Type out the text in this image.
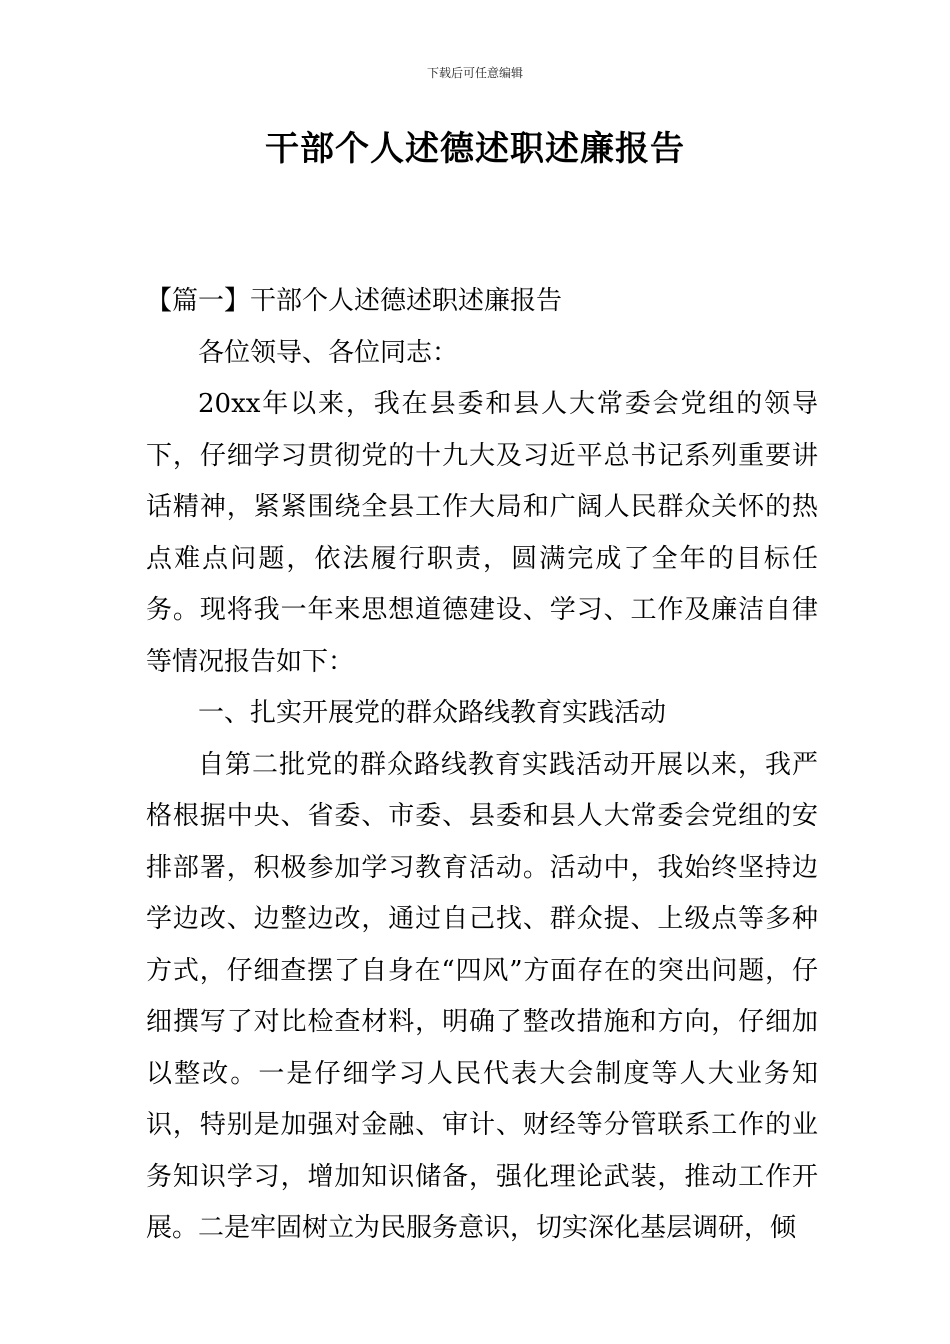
下载后可任意编辑
干部个人述德述职述廉报告

【篇一】干部个人述德述职述廉报告

各位领导、各位同志：

20xx年以来，我在县委和县人大常委会党组的领导下，仔细学习贯彻党的十九大及习近平总书记系列重要讲话精神，紧紧围绕全县工作大局和广阔人民群众关怀的热点难点问题，依法履行职责，圆满完成了全年的目标任务。现将我一年来思想道德建设、学习、工作及廉洁自律等情况报告如下：

一、扎实开展党的群众路线教育实践活动

自第二批党的群众路线教育实践活动开展以来，我严格根据中央、省委、市委、县委和县人大常委会党组的安排部署，积极参加学习教育活动。活动中，我始终坚持边学边改、边整边改，通过自己找、群众提、上级点等多种方式，仔细查摆了自身在“四风”方面存在的突出问题，仔细撰写了对比检查材料，明确了整改措施和方向，仔细加以整改。一是仔细学习人民代表大会制度等人大业务知识，特别是加强对金融、审计、财经等分管联系工作的业务知识学习，增加知识储备，强化理论武装，推动工作开展。二是牢固树立为民服务意识，切实深化基层调研，倾
